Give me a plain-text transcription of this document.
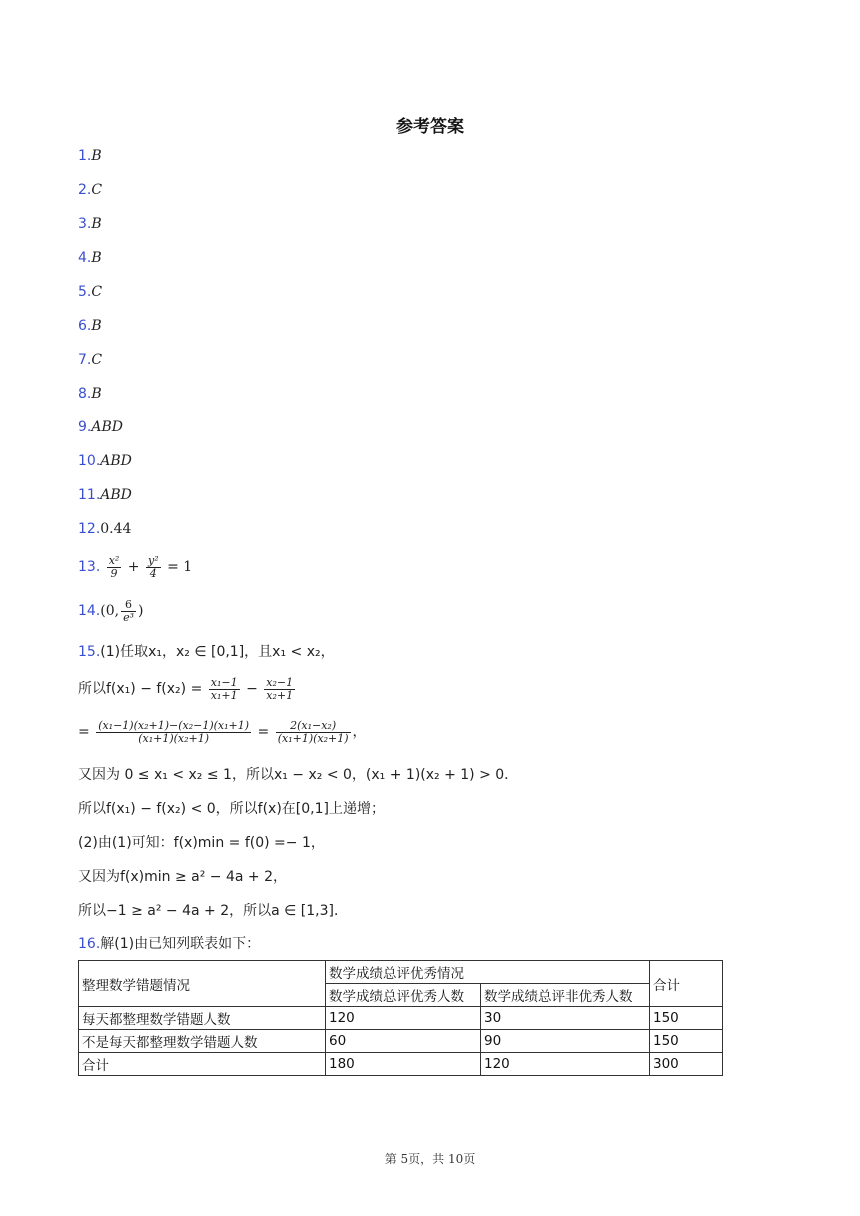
参考答案
1.B
2.C
3.B
4.B
5.C
6.B
7.C
8.B
9.ABD
10.ABD
11.ABD
12.0.44
13. $\frac{\text{x²}}{9} + \frac{\text{y²}}{4} = 1$
14.(0, $\frac{6}{\text{e³}}$ )
15.(1)任取x₁，x₂ ∈ [0,1]，且x₁ < x₂，
所以$f(x_1) - f(x_2) = \frac{\text{x₁−1}}{\text{x₁+1}} - \frac{\text{x₂−1}}{\text{x₂+1}}$
= $\frac{\text{(x₁−1)(x₂+1)−(x₂−1)(x₁+1)}}{\text{(x₁+1)(x₂+1)}} = \frac{\text{2(x₁−x₂)}}{\text{(x₁+1)(x₂+1)}}$ ，
又因为 0 ≤ x₁ < x₂ ≤ 1，所以x₁ − x₂ < 0，(x₁ + 1)(x₂ + 1) > 0．
所以f(x₁) − f(x₂) < 0，所以f(x)在[0,1]上递增；
(2)由(1)可知：f(x)min = f(0) =− 1，
又因为f(x)min ≥ a² − 4a + 2，
所以−1 ≥ a² − 4a + 2，所以a ∈ [1,3]．
16.解(1)由已知列联表如下：
整理数学错题情况	数学成绩总评优秀情况		合计
	数学成绩总评优秀人数	数学成绩总评非优秀人数	
每天都整理数学错题人数	120	30	150
不是每天都整理数学错题人数	60	90	150
合计	180	120	300
第 5页，共 10页
